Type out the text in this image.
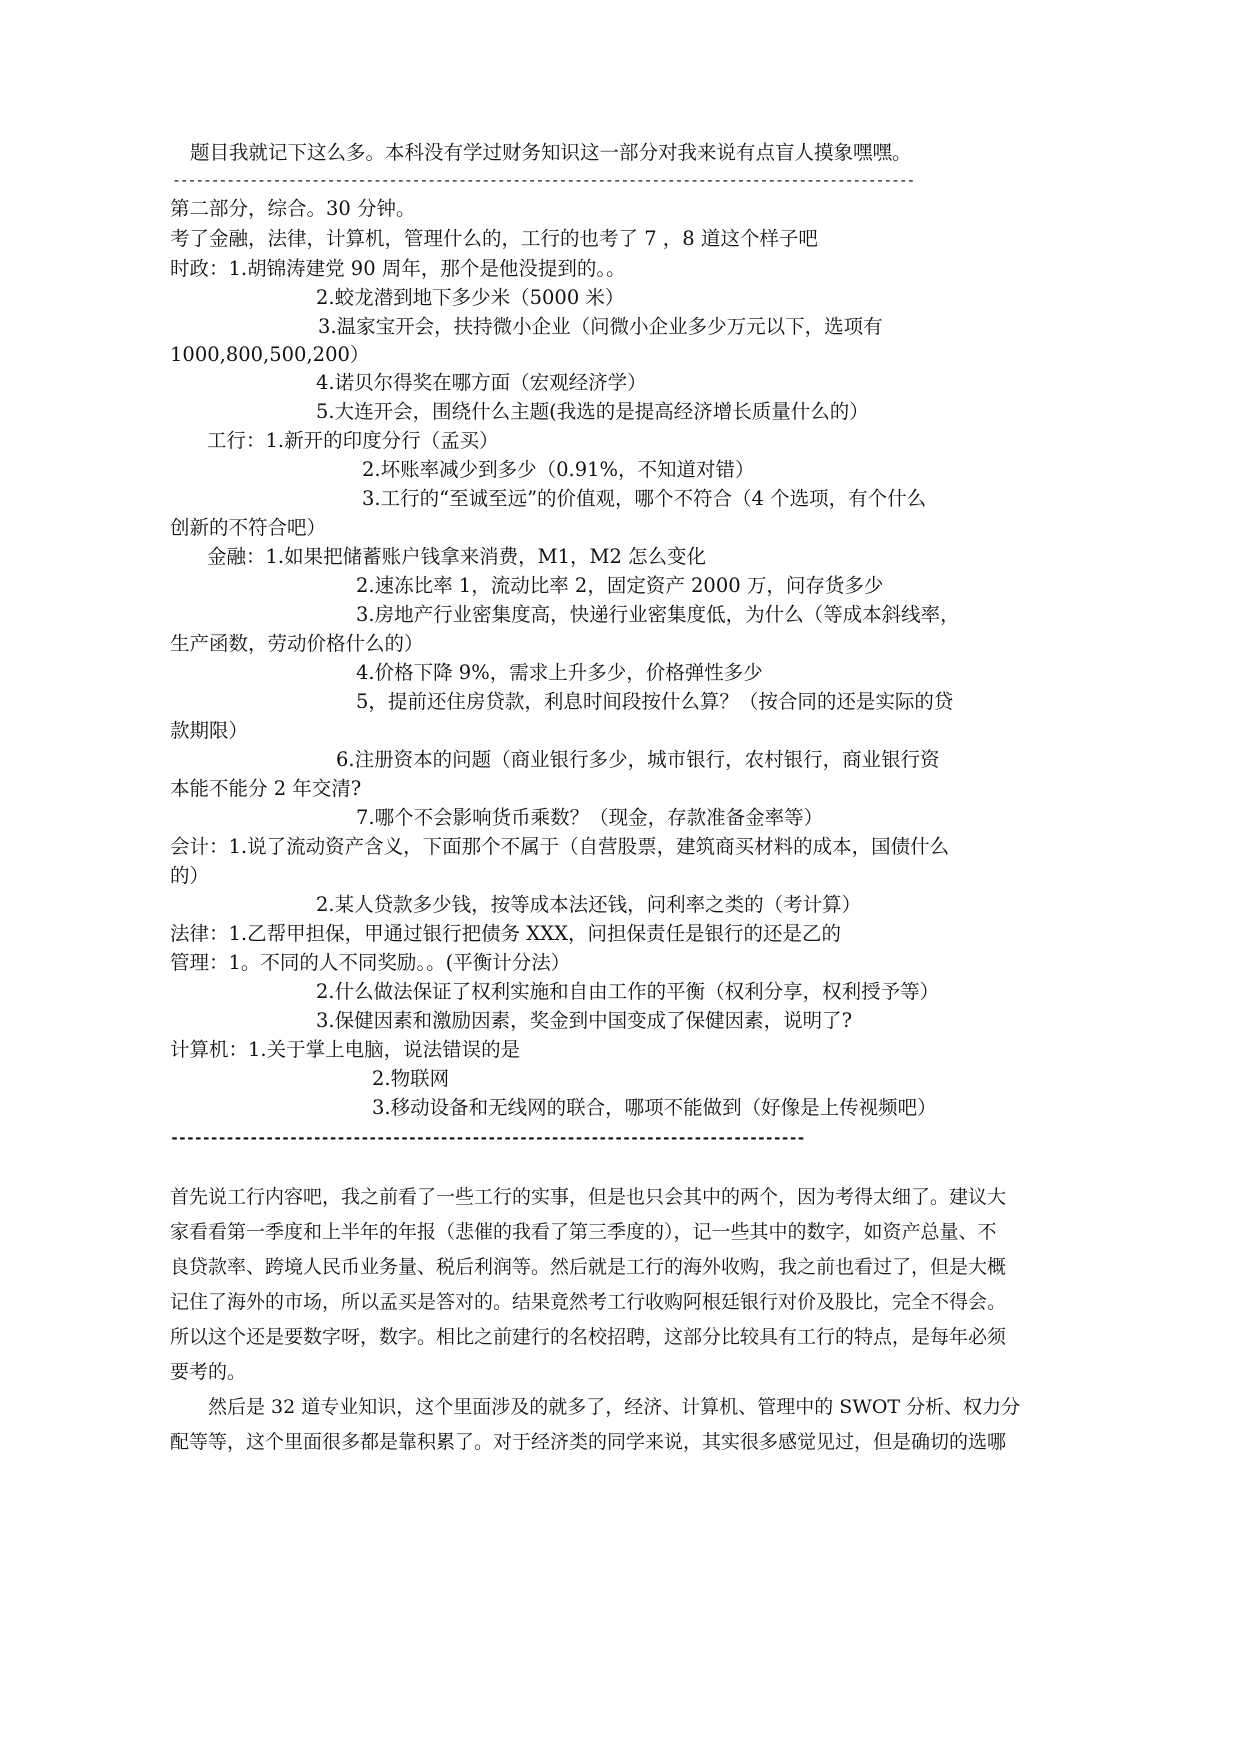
题目我就记下这么多。本科没有学过财务知识这一部分对我来说有点盲人摸象嘿嘿。
------------------------------------------------------------------------------------------------
第二部分，综合。30 分钟。
考了金融，法律，计算机，管理什么的，工行的也考了 7 ，8 道这个样子吧
时政：1.胡锦涛建党 90 周年，那个是他没提到的。。
2.蛟龙潜到地下多少米（5000 米）
3.温家宝开会，扶持微小企业（问微小企业多少万元以下，选项有
1000,800,500,200）
4.诺贝尔得奖在哪方面（宏观经济学）
5.大连开会，围绕什么主题(我选的是提高经济增长质量什么的）
工行：1.新开的印度分行（孟买）
2.坏账率减少到多少（0.91%，不知道对错）
3.工行的“至诚至远”的价值观，哪个不符合（4 个选项，有个什么
创新的不符合吧）
金融：1.如果把储蓄账户钱拿来消费，M1，M2 怎么变化
2.速冻比率 1，流动比率 2，固定资产 2000 万，问存货多少
3.房地产行业密集度高，快递行业密集度低，为什么（等成本斜线率，
生产函数，劳动价格什么的）
4.价格下降 9%，需求上升多少，价格弹性多少
5，提前还住房贷款，利息时间段按什么算？（按合同的还是实际的贷
款期限）
6.注册资本的问题（商业银行多少，城市银行，农村银行，商业银行资
本能不能分 2 年交清?
7.哪个不会影响货币乘数？（现金，存款准备金率等）
会计：1.说了流动资产含义，下面那个不属于（自营股票，建筑商买材料的成本，国债什么
的）
2.某人贷款多少钱，按等成本法还钱，问利率之类的（考计算）
法律：1.乙帮甲担保，甲通过银行把债务 XXX，问担保责任是银行的还是乙的
管理：1。不同的人不同奖励。。(平衡计分法）
2.什么做法保证了权利实施和自由工作的平衡（权利分享，权利授予等）
3.保健因素和激励因素，奖金到中国变成了保健因素，说明了?
计算机：1.关于掌上电脑，说法错误的是
2.物联网
3.移动设备和无线网的联合，哪项不能做到（好像是上传视频吧）
--------------------------------------------------------------------------------
首先说工行内容吧，我之前看了一些工行的实事，但是也只会其中的两个，因为考得太细了。建议大
家看看第一季度和上半年的年报（悲催的我看了第三季度的），记一些其中的数字，如资产总量、不
良贷款率、跨境人民币业务量、税后利润等。然后就是工行的海外收购，我之前也看过了，但是大概
记住了海外的市场，所以孟买是答对的。结果竟然考工行收购阿根廷银行对价及股比，完全不得会。
所以这个还是要数字呀，数字。相比之前建行的名校招聘，这部分比较具有工行的特点，是每年必须
要考的。
然后是 32 道专业知识，这个里面涉及的就多了，经济、计算机、管理中的 SWOT 分析、权力分
配等等，这个里面很多都是靠积累了。对于经济类的同学来说，其实很多感觉见过，但是确切的选哪
